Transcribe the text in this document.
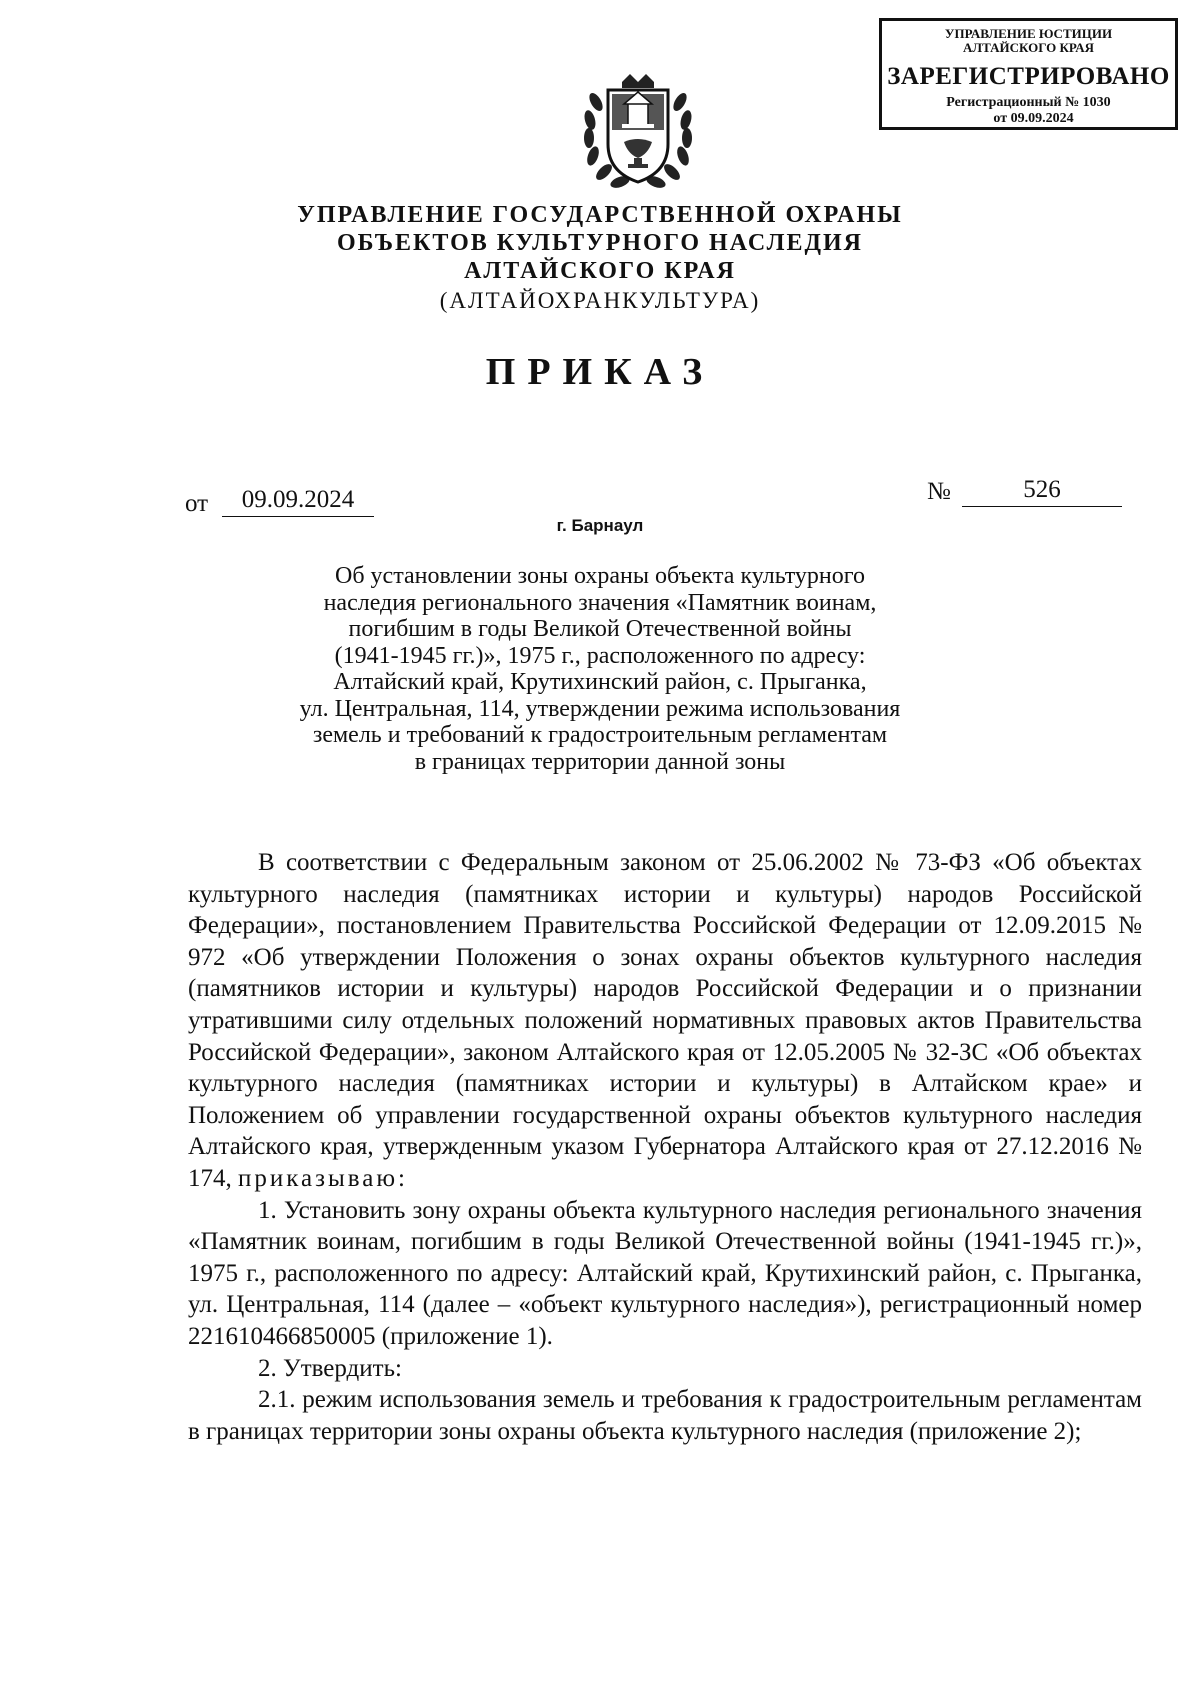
УПРАВЛЕНИЕ ЮСТИЦИИ
АЛТАЙСКОГО КРАЯ
ЗАРЕГИСТРИРОВАНО
Регистрационный № 1030
от 09.09.2024
УПРАВЛЕНИЕ ГОСУДАРСТВЕННОЙ ОХРАНЫ
ОБЪЕКТОВ КУЛЬТУРНОГО НАСЛЕДИЯ
АЛТАЙСКОГО КРАЯ
(АЛТАЙОХРАНКУЛЬТУРА)
ПРИКАЗ
от	09.09.2024	№	526
г. Барнаул
Об установлении зоны охраны объекта культурного
наследия регионального значения «Памятник воинам,
погибшим в годы Великой Отечественной войны
(1941-1945 гг.)», 1975 г., расположенного по адресу:
Алтайский край, Крутихинский район, с. Прыганка,
ул. Центральная, 114, утверждении режима использования
земель и требований к градостроительным регламентам
в границах территории данной зоны
В соответствии с Федеральным законом от 25.06.2002 № 73-ФЗ «Об объектах культурного наследия (памятниках истории и культуры) народов Российской Федерации», постановлением Правительства Российской Федерации от 12.09.2015 № 972 «Об утверждении Положения о зонах охраны объектов культурного наследия (памятников истории и культуры) народов Российской Федерации и о признании утратившими силу отдельных положений нормативных правовых актов Правительства Российской Федерации», законом Алтайского края от 12.05.2005 № 32-ЗС «Об объектах культурного наследия (памятниках истории и культуры) в Алтайском крае» и Положением об управлении государственной охраны объектов культурного наследия Алтайского края, утвержденным указом Губернатора Алтайского края от 27.12.2016 № 174, приказываю:
1. Установить зону охраны объекта культурного наследия регионального значения «Памятник воинам, погибшим в годы Великой Отечественной войны (1941-1945 гг.)», 1975 г., расположенного по адресу: Алтайский край, Крутихинский район, с. Прыганка, ул. Центральная, 114 (далее – «объект культурного наследия»), регистрационный номер 221610466850005 (приложение 1).
2. Утвердить:
2.1. режим использования земель и требования к градостроительным регламентам в границах территории зоны охраны объекта культурного наследия (приложение 2);
